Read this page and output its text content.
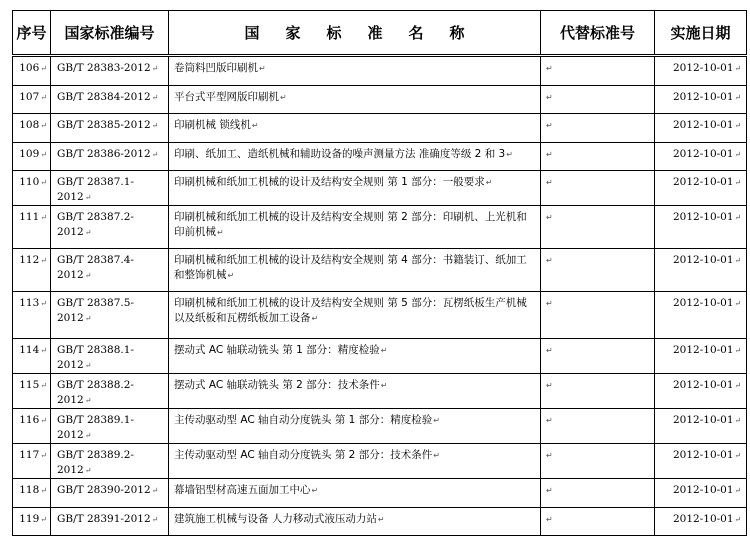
序号	国家标准编号	国家标准名称	代替标准号	实施日期
106↵	GB/T 28383-2012↵	卷筒料凹版印刷机↵	↵	2012-10-01↵
107↵	GB/T 28384-2012↵	平台式平型网版印刷机↵	↵	2012-10-01↵
108↵	GB/T 28385-2012↵	印刷机械 锁线机↵	↵	2012-10-01↵
109↵	GB/T 28386-2012↵	印刷、纸加工、造纸机械和辅助设备的噪声测量方法 准确度等级 2 和 3↵	↵	2012-10-01↵
110↵	GB/T 28387.1-2012↵	印刷机械和纸加工机械的设计及结构安全规则 第 1 部分：一般要求↵	↵	2012-10-01↵
111↵	GB/T 28387.2-2012↵	印刷机械和纸加工机械的设计及结构安全规则 第 2 部分：印刷机、上光机和印前机械↵	↵	2012-10-01↵
112↵	GB/T 28387.4-2012↵	印刷机械和纸加工机械的设计及结构安全规则 第 4 部分：书籍装订、纸加工和整饰机械↵	↵	2012-10-01↵
113↵	GB/T 28387.5-2012↵	印刷机械和纸加工机械的设计及结构安全规则 第 5 部分：瓦楞纸板生产机械以及纸板和瓦楞纸板加工设备↵	↵	2012-10-01↵
114↵	GB/T 28388.1-2012↵	摆动式 AC 轴联动铣头 第 1 部分：精度检验↵	↵	2012-10-01↵
115↵	GB/T 28388.2-2012↵	摆动式 AC 轴联动铣头 第 2 部分：技术条件↵	↵	2012-10-01↵
116↵	GB/T 28389.1-2012↵	主传动驱动型 AC 轴自动分度铣头 第 1 部分：精度检验↵	↵	2012-10-01↵
117↵	GB/T 28389.2-2012↵	主传动驱动型 AC 轴自动分度铣头 第 2 部分：技术条件↵	↵	2012-10-01↵
118↵	GB/T 28390-2012↵	幕墙铝型材高速五面加工中心↵	↵	2012-10-01↵
119↵	GB/T 28391-2012↵	建筑施工机械与设备 人力移动式液压动力站↵	↵	2012-10-01↵
